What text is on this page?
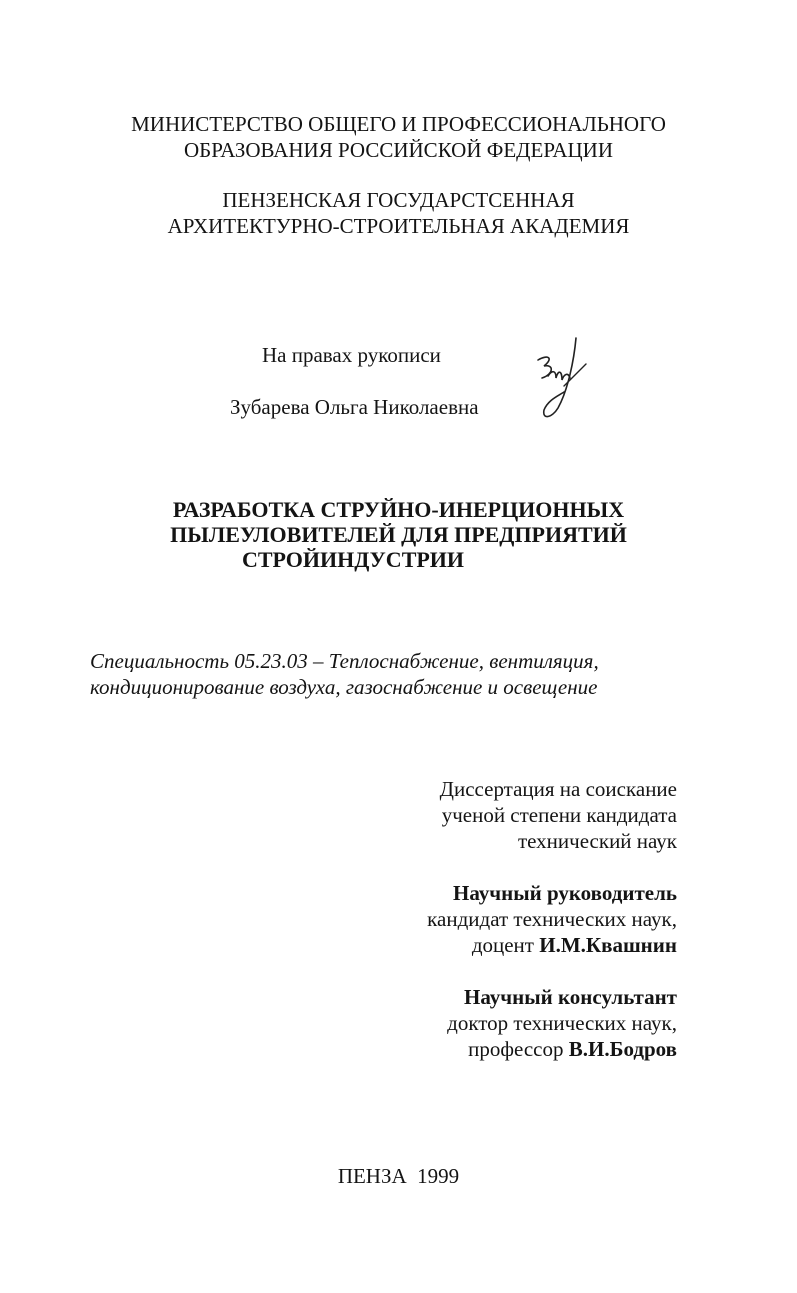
МИНИСТЕРСТВО ОБЩЕГО И ПРОФЕССИОНАЛЬНОГО
ОБРАЗОВАНИЯ РОССИЙСКОЙ ФЕДЕРАЦИИ
ПЕНЗЕНСКАЯ ГОСУДАРСТСЕННАЯ
АРХИТЕКТУРНО-СТРОИТЕЛЬНАЯ АКАДЕМИЯ
На правах рукописи
Зубарева Ольга Николаевна
РАЗРАБОТКА СТРУЙНО-ИНЕРЦИОННЫХ
ПЫЛЕУЛОВИТЕЛЕЙ ДЛЯ ПРЕДПРИЯТИЙ
СТРОЙИНДУСТРИИ
Специальность 05.23.03 – Теплоснабжение, вентиляция,
кондиционирование воздуха, газоснабжение и освещение
Диссертация на соискание
ученой степени кандидата
технический наук
Научный руководитель
кандидат технических наук,
доцент И.М.Квашнин
Научный консультант
доктор технических наук,
профессор В.И.Бодров
ПЕНЗА  1999
